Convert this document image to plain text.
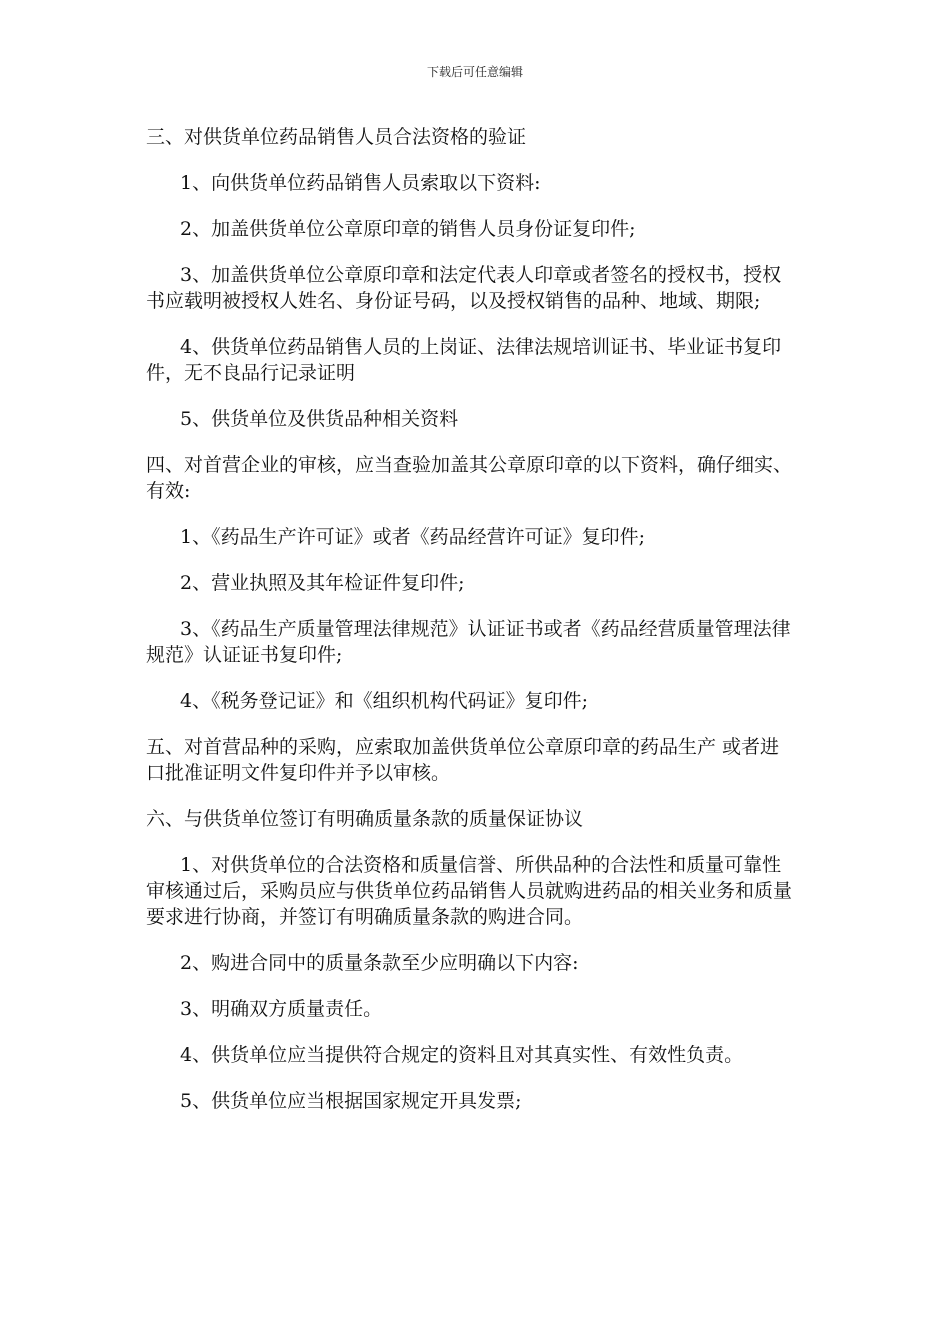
下载后可任意编辑

三、对供货单位药品销售人员合法资格的验证

1、向供货单位药品销售人员索取以下资料:

2、加盖供货单位公章原印章的销售人员身份证复印件;

3、加盖供货单位公章原印章和法定代表人印章或者签名的授权书，授权书应载明被授权人姓名、身份证号码，以及授权销售的品种、地域、期限;

4、供货单位药品销售人员的上岗证、法律法规培训证书、毕业证书复印件，无不良品行记录证明

5、供货单位及供货品种相关资料

四、对首营企业的审核，应当查验加盖其公章原印章的以下资料，确仔细实、有效:

1、《药品生产许可证》或者《药品经营许可证》复印件;

2、营业执照及其年检证件复印件;

3、《药品生产质量管理法律规范》认证证书或者《药品经营质量管理法律规范》认证证书复印件;

4、《税务登记证》和《组织机构代码证》复印件;

五、对首营品种的采购，应索取加盖供货单位公章原印章的药品生产 或者进口批准证明文件复印件并予以审核。

六、与供货单位签订有明确质量条款的质量保证协议

1、对供货单位的合法资格和质量信誉、所供品种的合法性和质量可靠性审核通过后，采购员应与供货单位药品销售人员就购进药品的相关业务和质量要求进行协商，并签订有明确质量条款的购进合同。

2、购进合同中的质量条款至少应明确以下内容:

3、明确双方质量责任。

4、供货单位应当提供符合规定的资料且对其真实性、有效性负责。

5、供货单位应当根据国家规定开具发票;
